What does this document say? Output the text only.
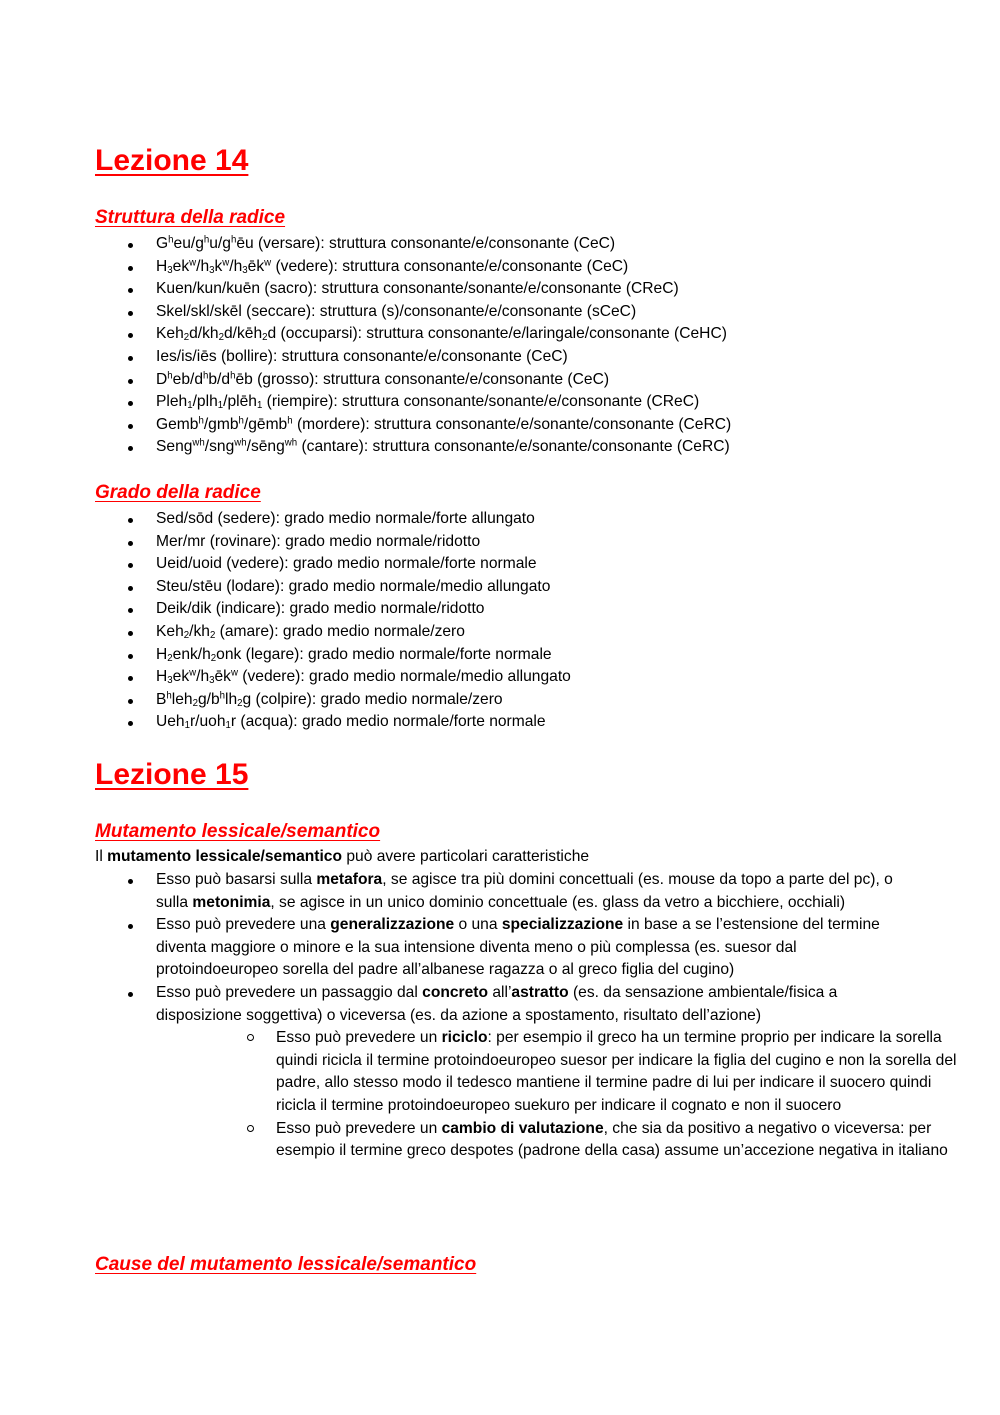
Lezione 14
Struttura della radice
$G^heu/g^hu/g^hēu$ (versare): struttura consonante/e/consonante (CeC)
$H_3ek^w/h_3k^w/h_3ēk^w$ (vedere): struttura consonante/e/consonante (CeC)
Kuen/kun/kuēn (sacro): struttura consonante/sonante/e/consonante (CReC)
Skel/skl/skēl (seccare): struttura (s)/consonante/e/consonante (sCeC)
$Keh_2d/kh_2d/kēh_2d$ (occuparsi): struttura consonante/e/laringale/consonante (CeHC)
Ies/is/iēs (bollire): struttura consonante/e/consonante (CeC)
$D^heb/d^hb/d^hēb$ (grosso): struttura consonante/e/consonante (CeC)
Pleh$_1$/plh$_1$/plēh$_1$ (riempire): struttura consonante/sonante/e/consonante (CReC)
Gemb$^h$/gmb$^h$/gēmb$^h$ (mordere): struttura consonante/e/sonante/consonante (CeRC)
Seng$^{wh}$/sng$^{wh}$/sēng$^{wh}$ (cantare): struttura consonante/e/sonante/consonante (CeRC)
Grado della radice
Sed/sōd (sedere): grado medio normale/forte allungato
Mer/mr (rovinare): grado medio normale/ridotto
Ueid/uoid (vedere): grado medio normale/forte normale
Steu/stēu (lodare): grado medio normale/medio allungato
Deik/dik (indicare): grado medio normale/ridotto
$Keh_2/kh_2$ (amare): grado medio normale/zero
$H_2enk/h_2onk$ (legare): grado medio normale/forte normale
$H_3ek^w/h_3ēk^w$ (vedere): grado medio normale/medio allungato
$B^hleh_2g/b^hlh_2g$ (colpire): grado medio normale/zero
Ueh$_1$r/uoh$_1$r (acqua): grado medio normale/forte normale
Lezione 15
Mutamento lessicale/semantico

Il mutamento lessicale/semantico può avere particolari caratteristiche

Esso può basarsi sulla metafora, se agisce tra più domini concettuali (es. mouse da topo a parte del pc), o sulla metonimia, se agisce in un unico dominio concettuale (es. glass da vetro a bicchiere, occhiali)
Esso può prevedere una generalizzazione o una specializzazione in base a se l’estensione del termine diventa maggiore o minore e la sua intensione diventa meno o più complessa (es. suesor dal protoindoeuropeo sorella del padre all’albanese ragazza o al greco figlia del cugino)
Esso può prevedere un passaggio dal concreto all’astratto (es. da sensazione ambientale/fisica a disposizione soggettiva) o viceversa (es. da azione a spostamento, risultato dell’azione)
Esso può prevedere un riciclo: per esempio il greco ha un termine proprio per indicare la sorella quindi ricicla il termine protoindoeuropeo suesor per indicare la figlia del cugino e non la sorella del padre, allo stesso modo il tedesco mantiene il termine padre di lui per indicare il suocero quindi ricicla il termine protoindoeuropeo suekuro per indicare il cognato e non il suocero
Esso può prevedere un cambio di valutazione, che sia da positivo a negativo o viceversa: per esempio il termine greco despotes (padrone della casa) assume un’accezione negativa in italiano
Cause del mutamento lessicale/semantico
